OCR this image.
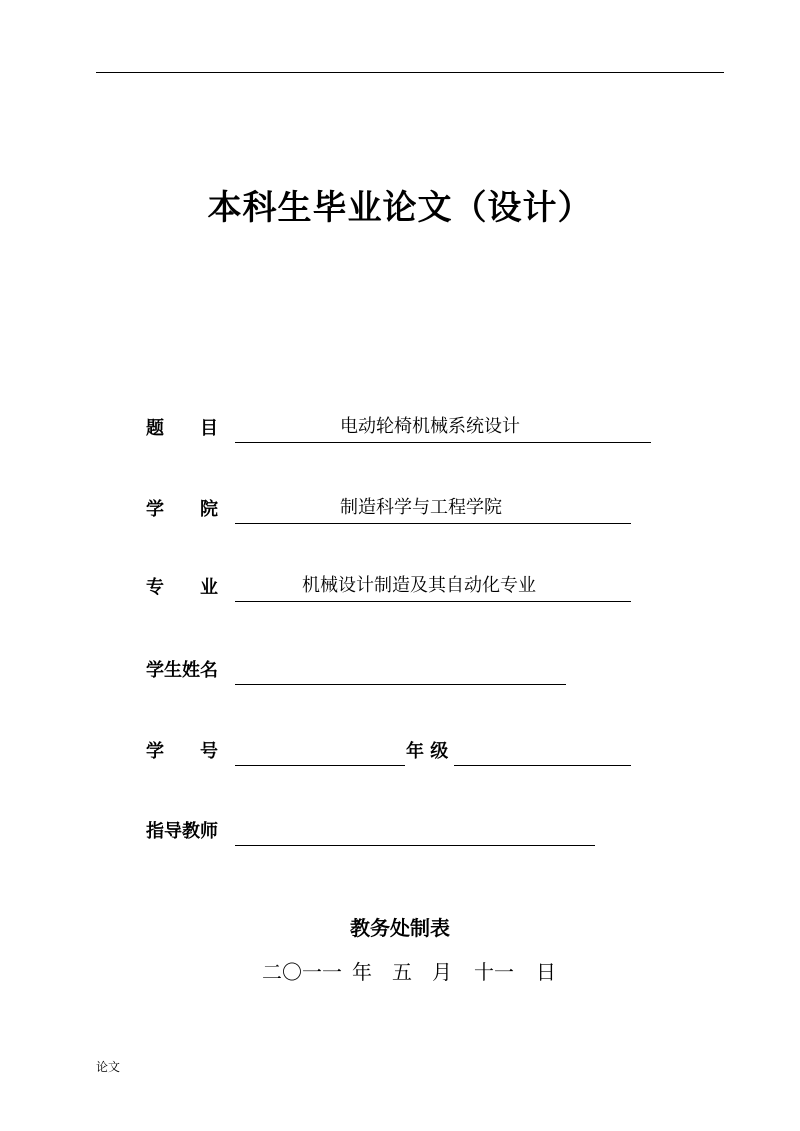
本科生毕业论文（设计）
题 目	电动轮椅机械系统设计
学 院	制造科学与工程学院
专 业	机械设计制造及其自动化专业
学生姓名
学 号	年 级
指导教师
教务处制表
二〇一一 年 五 月 十一 日
论文
